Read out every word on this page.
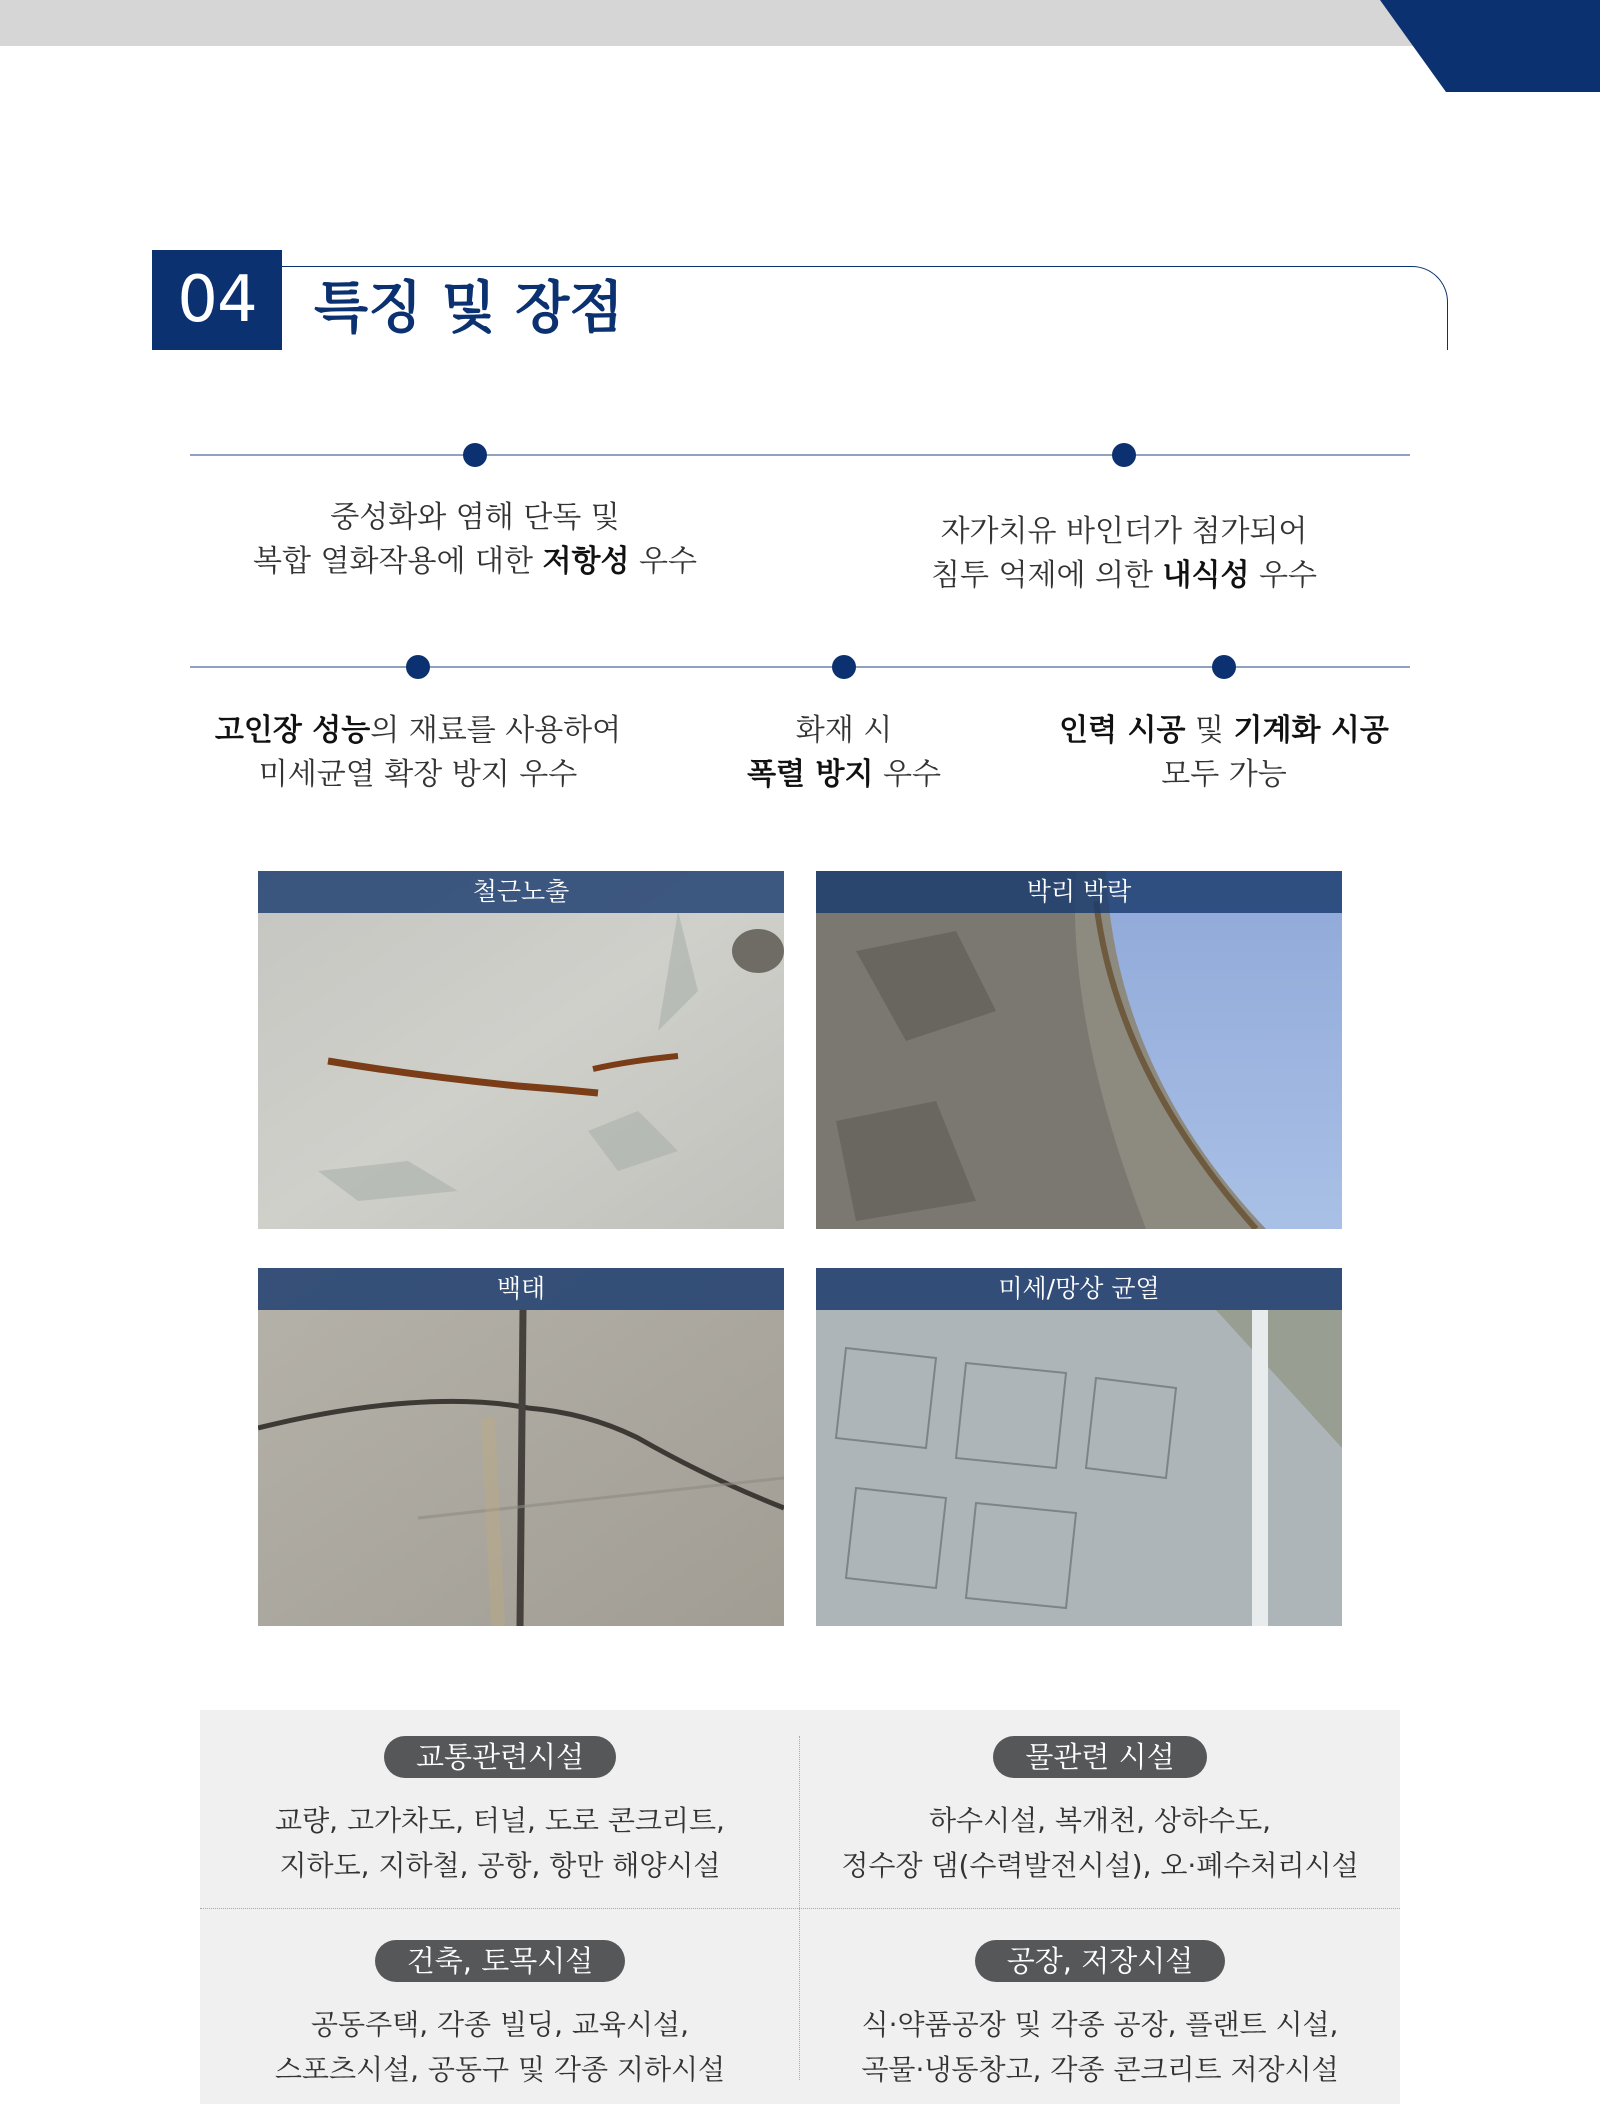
04	특징 및 장점
중성화와 염해 단독 및
복합 열화작용에 대한 저항성 우수
자가치유 바인더가 첨가되어
침투 억제에 의한 내식성 우수
고인장 성능의 재료를 사용하여
미세균열 확장 방지 우수
화재 시
폭렬 방지 우수
인력 시공 및 기계화 시공
모두 가능
철근노출	박리 박락
백태	미세/망상 균열
교통관련시설
교량, 고가차도, 터널, 도로 콘크리트,
지하도, 지하철, 공항, 항만 해양시설
물관련 시설
하수시설, 복개천, 상하수도,
정수장 댐(수력발전시설), 오·폐수처리시설
건축, 토목시설
공동주택, 각종 빌딩, 교육시설,
스포츠시설, 공동구 및 각종 지하시설
공장, 저장시설
식·약품공장 및 각종 공장, 플랜트 시설,
곡물·냉동창고, 각종 콘크리트 저장시설
